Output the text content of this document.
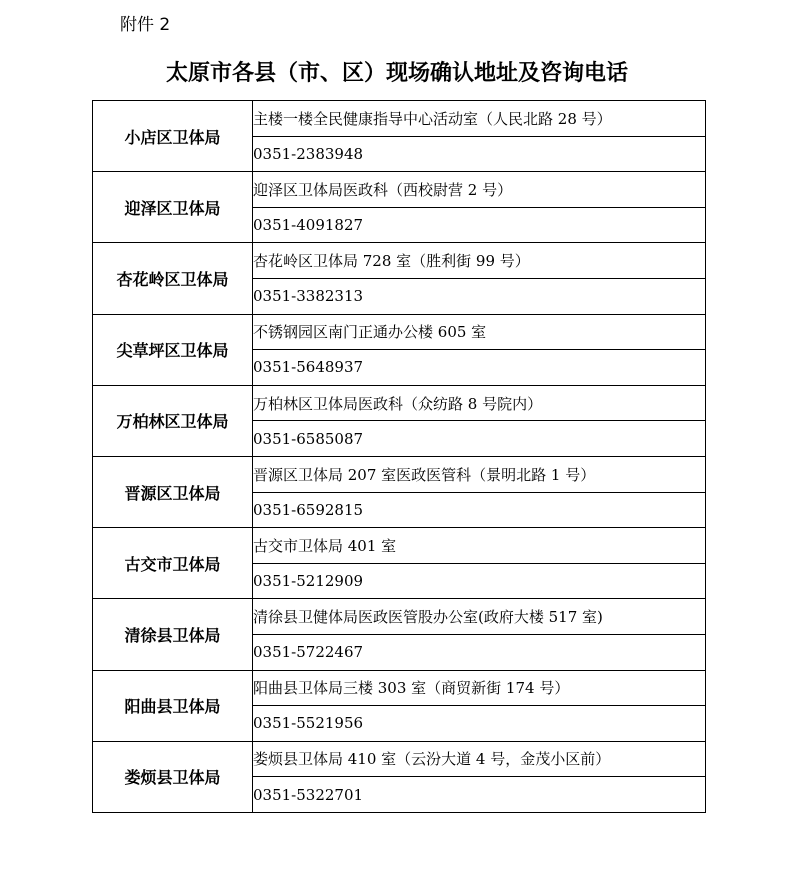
附件 2
太原市各县（市、区）现场确认地址及咨询电话
小店区卫体局	主楼一楼全民健康指导中心活动室（人民北路 28 号）
	0351-2383948
迎泽区卫体局	迎泽区卫体局医政科（西校尉营 2 号）
	0351-4091827
杏花岭区卫体局	杏花岭区卫体局 728 室（胜利街 99 号）
	0351-3382313
尖草坪区卫体局	不锈钢园区南门正通办公楼 605 室
	0351-5648937
万柏林区卫体局	万柏林区卫体局医政科（众纺路 8 号院内）
	0351-6585087
晋源区卫体局	晋源区卫体局 207 室医政医管科（景明北路 1 号）
	0351-6592815
古交市卫体局	古交市卫体局 401 室
	0351-5212909
清徐县卫体局	清徐县卫健体局医政医管股办公室(政府大楼 517 室)
	0351-5722467
阳曲县卫体局	阳曲县卫体局三楼 303 室（商贸新街 174 号）
	0351-5521956
娄烦县卫体局	娄烦县卫体局 410 室（云汾大道 4 号，金茂小区前）
	0351-5322701
